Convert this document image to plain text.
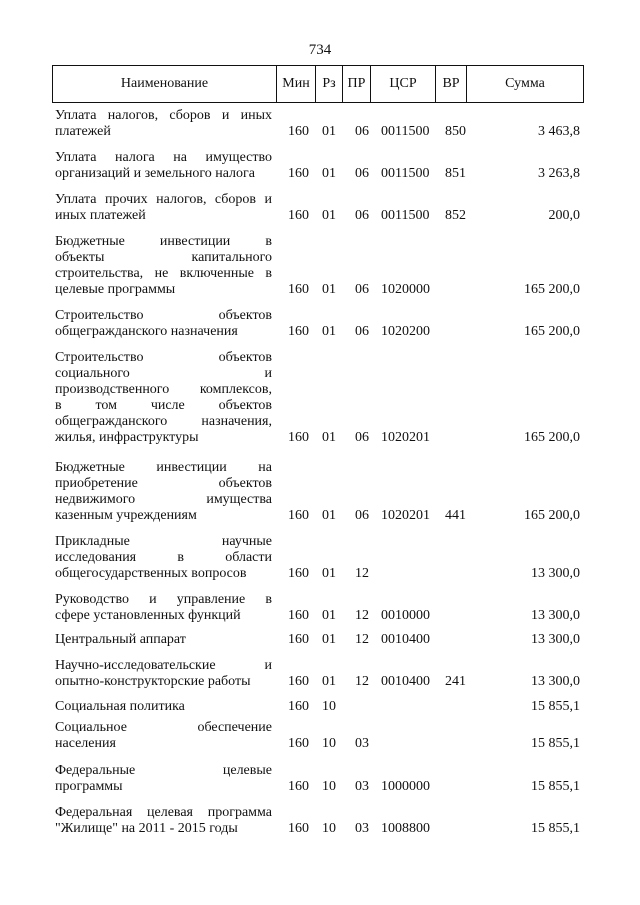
734
Наименование	Мин	Рз	ПР	ЦСР	ВР	Сумма
Уплата налогов, сборов и иных
платежей	160 01 06 0011500 850	3 463,8
Уплата налога на имущество
организаций и земельного налога	160 01 06 0011500 851	3 263,8
Уплата прочих налогов, сборов и
иных платежей	160 01 06 0011500 852	200,0
Бюджетные инвестиции в
объекты капитального
строительства, не включенные в
целевые программы	160 01 06 1020000	165 200,0
Строительство объектов
общегражданского назначения	160 01 06 1020200	165 200,0
Строительство объектов
социального и
производственного комплексов,
в том числе объектов
общегражданского назначения,
жилья, инфраструктуры	160 01 06 1020201	165 200,0
Бюджетные инвестиции на
приобретение объектов
недвижимого имущества
казенным учреждениям	160 01 06 1020201 441	165 200,0
Прикладные научные
исследования в области
общегосударственных вопросов	160 01 12	13 300,0
Руководство и управление в
сфере установленных функций	160 01 12 0010000	13 300,0
Центральный аппарат	160 01 12 0010400	13 300,0
Научно-исследовательские и
опытно-конструкторские работы	160 01 12 0010400 241	13 300,0
Социальная политика	160 10	15 855,1
Социальное обеспечение
населения	160 10 03	15 855,1
Федеральные целевые
программы	160 10 03 1000000	15 855,1
Федеральная целевая программа
"Жилище" на 2011 - 2015 годы	160 10 03 1008800	15 855,1
